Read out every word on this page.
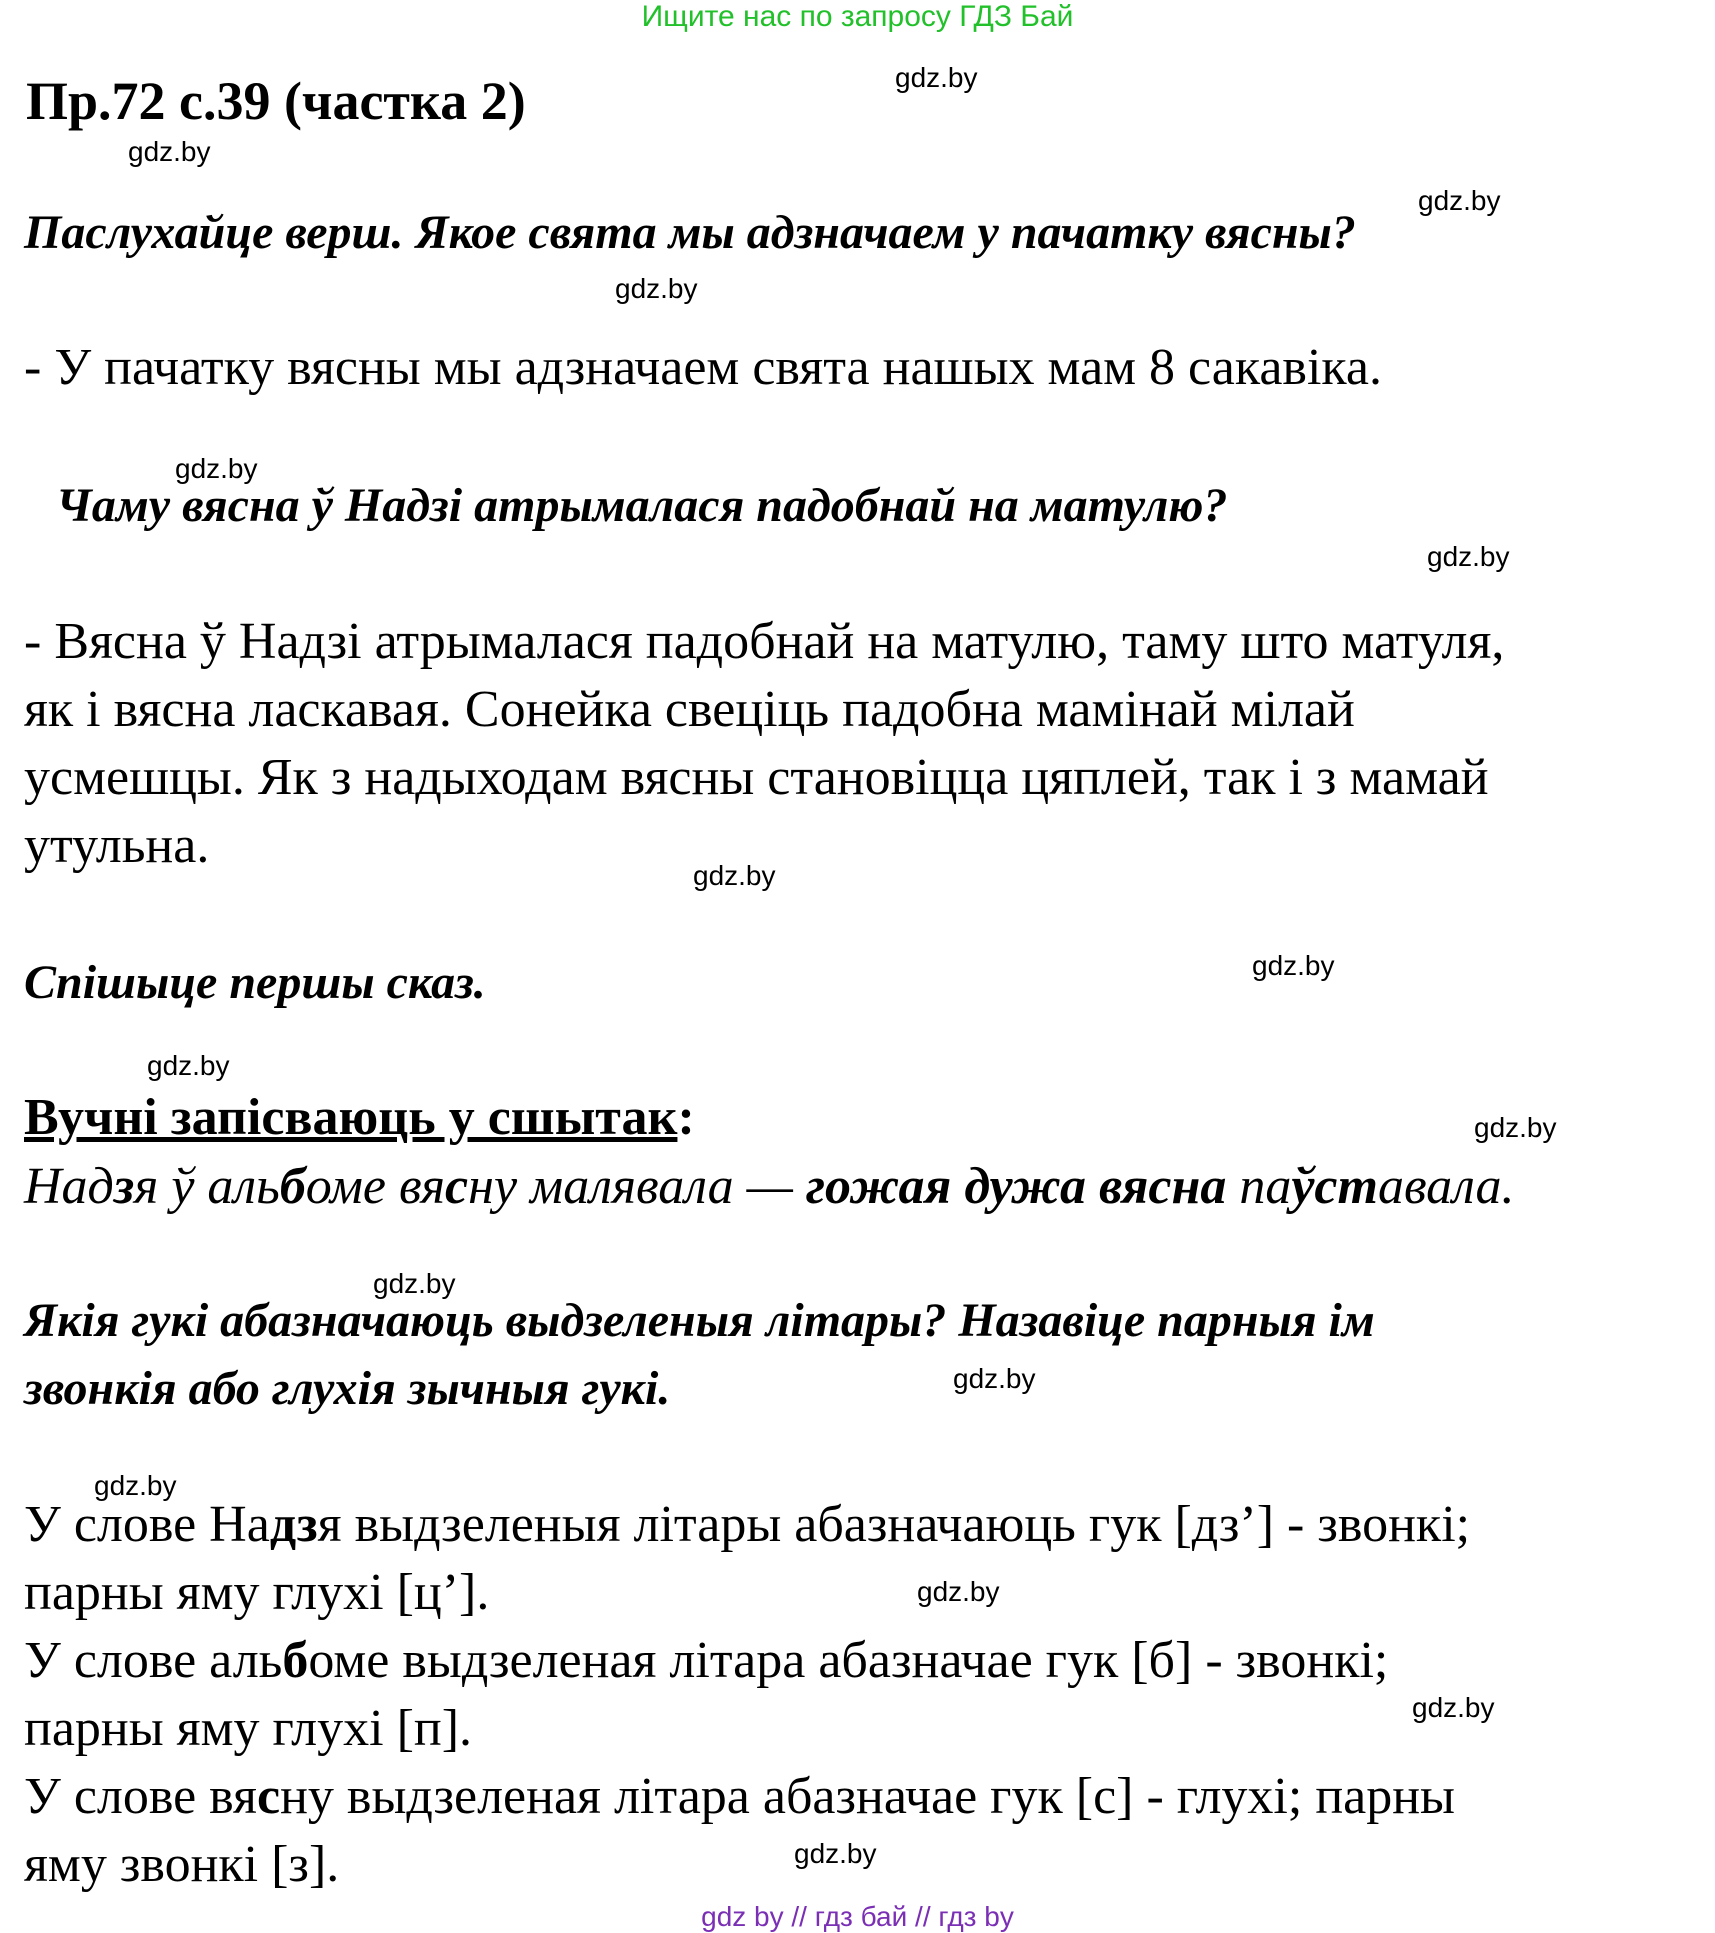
Ищите нас по запросу ГДЗ Бай
Пр.72 с.39 (частка 2)
Паслухайце верш. Якое свята мы адзначаем у пачатку вясны?
- У пачатку вясны мы адзначаем свята нашых мам 8 сакавіка.
Чаму вясна ў Надзі атрымалася падобнай на матулю?
- Вясна ў Надзі атрымалася падобнай на матулю, таму што матуля,
як і вясна ласкавая. Сонейка свеціць падобна мамінай мілай
усмешцы. Як з надыходам вясны становіцца цяплей, так і з мамай
утульна.
Спішыце першы сказ.
Вучні запісваюць у сшытак:
Надзя ў альбоме вясну малявала — гожая дужа вясна паўставала.
Якія гукі абазначаюць выдзеленыя літары? Назавіце парныя ім
звонкія або глухія зычныя гукі.
У слове Надзя выдзеленыя літары абазначаюць гук [дз’] - звонкі;
парны яму глухі [ц’].
У слове альбоме выдзеленая літара абазначае гук [б] - звонкі;
парны яму глухі [п].
У слове вясну выдзеленая літара абазначае гук [с] - глухі; парны
яму звонкі [з].
gdz.by
gdz.by
gdz.by
gdz.by
gdz.by
gdz.by
gdz.by
gdz.by
gdz.by
gdz.by
gdz.by
gdz.by
gdz.by
gdz.by
gdz.by
gdz.by
gdz by // гдз бай // гдз by
